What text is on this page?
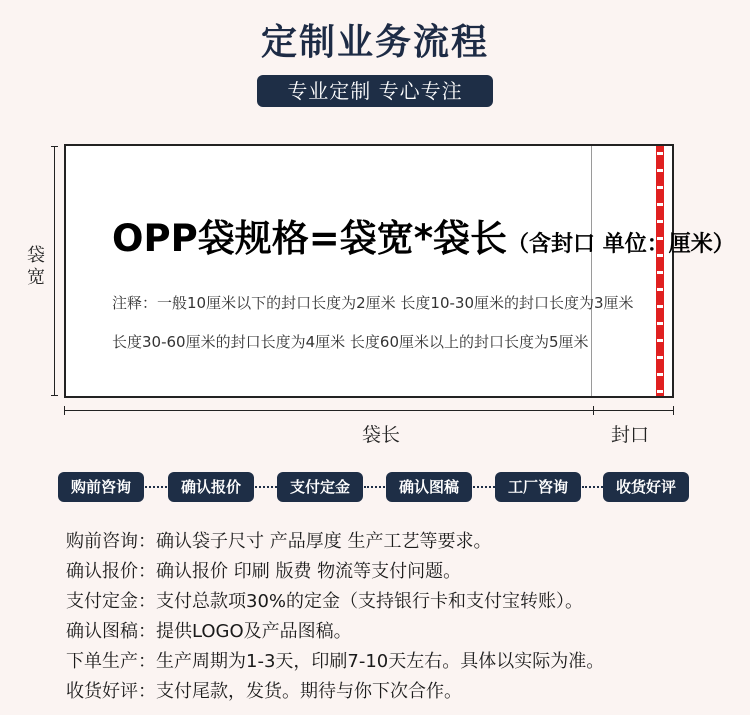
定制业务流程
专业定制 专心专注
袋宽
OPP袋规格=袋宽*袋长（含封口 单位：厘米）
注释：一般10厘米以下的封口长度为2厘米 长度10-30厘米的封口长度为3厘米
长度30-60厘米的封口长度为4厘米 长度60厘米以上的封口长度为5厘米
袋长	封口
购前咨询	确认报价	支付定金	确认图稿	工厂咨询	收货好评
购前咨询：确认袋子尺寸 产品厚度 生产工艺等要求。
确认报价：确认报价 印刷 版费 物流等支付问题。
支付定金：支付总款项30%的定金（支持银行卡和支付宝转账）。
确认图稿：提供LOGO及产品图稿。
下单生产：生产周期为1-3天，印刷7-10天左右。具体以实际为准。
收货好评：支付尾款，发货。期待与你下次合作。
